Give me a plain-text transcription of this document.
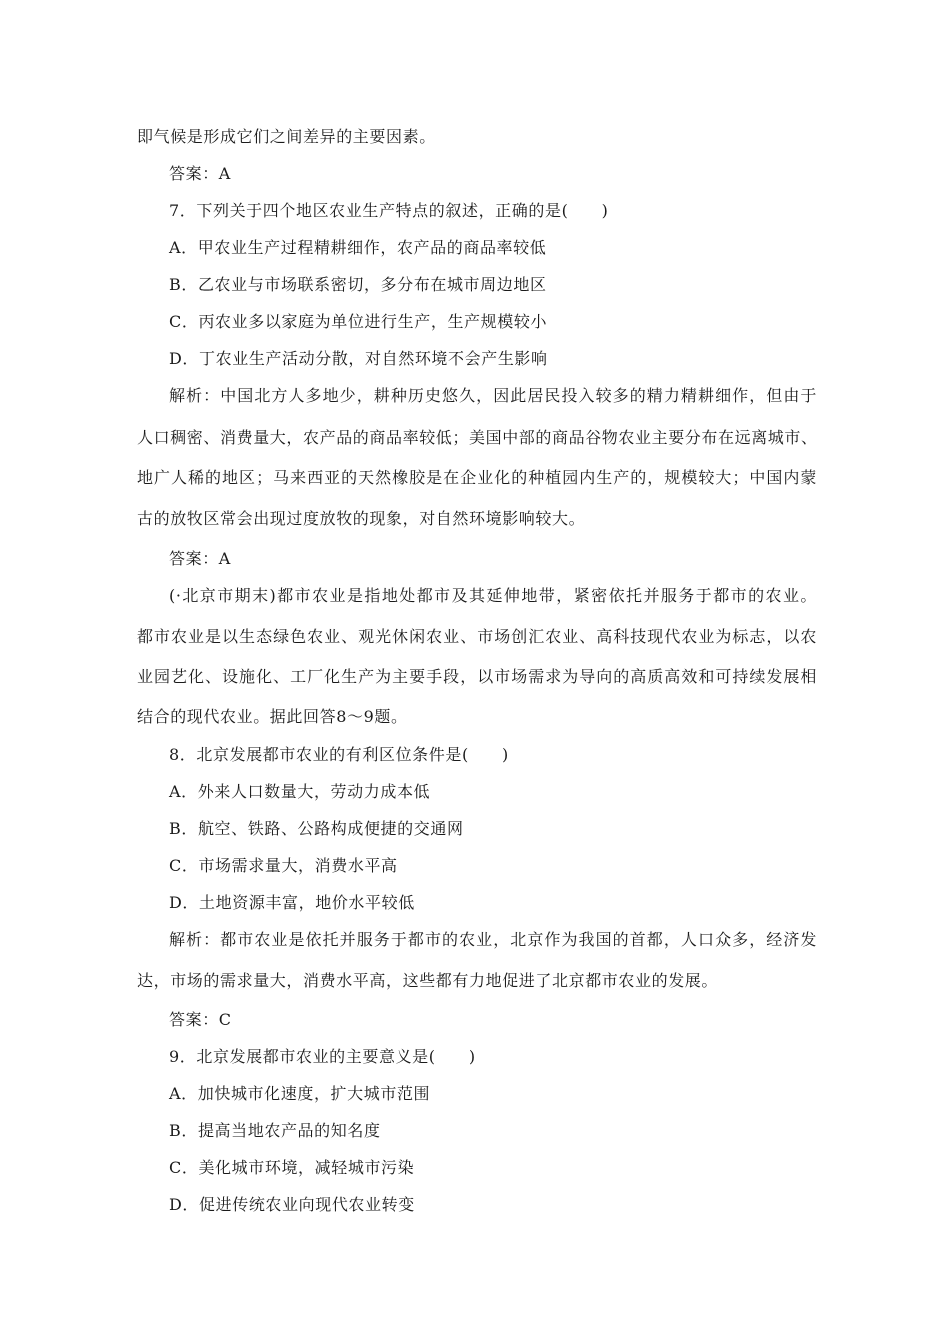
即气候是形成它们之间差异的主要因素。
答案：A
7．下列关于四个地区农业生产特点的叙述，正确的是(　　)
A．甲农业生产过程精耕细作，农产品的商品率较低
B．乙农业与市场联系密切，多分布在城市周边地区
C．丙农业多以家庭为单位进行生产，生产规模较小
D．丁农业生产活动分散，对自然环境不会产生影响
解析：中国北方人多地少，耕种历史悠久，因此居民投入较多的精力精耕细作，但由于
人口稠密、消费量大，农产品的商品率较低；美国中部的商品谷物农业主要分布在远离城市、
地广人稀的地区；马来西亚的天然橡胶是在企业化的种植园内生产的，规模较大；中国内蒙
古的放牧区常会出现过度放牧的现象，对自然环境影响较大。
答案：A
(·北京市期末)都市农业是指地处都市及其延伸地带，紧密依托并服务于都市的农业。
都市农业是以生态绿色农业、观光休闲农业、市场创汇农业、高科技现代农业为标志，以农
业园艺化、设施化、工厂化生产为主要手段，以市场需求为导向的高质高效和可持续发展相
结合的现代农业。据此回答8～9题。
8．北京发展都市农业的有利区位条件是(　　)
A．外来人口数量大，劳动力成本低
B．航空、铁路、公路构成便捷的交通网
C．市场需求量大，消费水平高
D．土地资源丰富，地价水平较低
解析：都市农业是依托并服务于都市的农业，北京作为我国的首都，人口众多，经济发
达，市场的需求量大，消费水平高，这些都有力地促进了北京都市农业的发展。
答案：C
9．北京发展都市农业的主要意义是(　　)
A．加快城市化速度，扩大城市范围
B．提高当地农产品的知名度
C．美化城市环境，减轻城市污染
D．促进传统农业向现代农业转变
